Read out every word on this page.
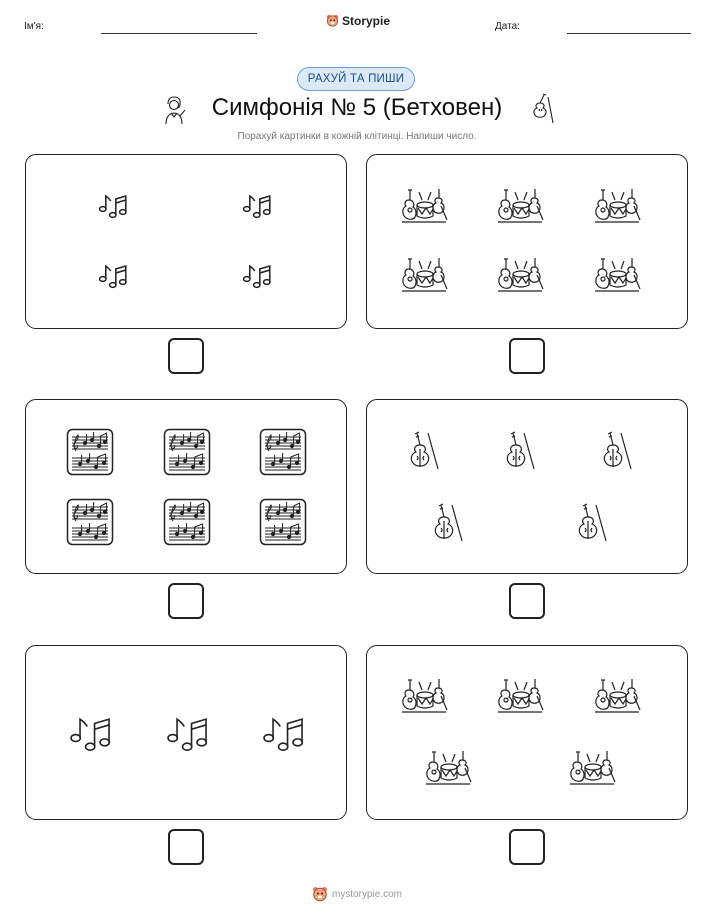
Ім'я:	Storypie	Дата:
РАХУЙ ТА ПИШИ
Симфонія № 5 (Бетховен)
Порахуй картинки в кожній клітинці. Напиши число.
mystorypie.com
